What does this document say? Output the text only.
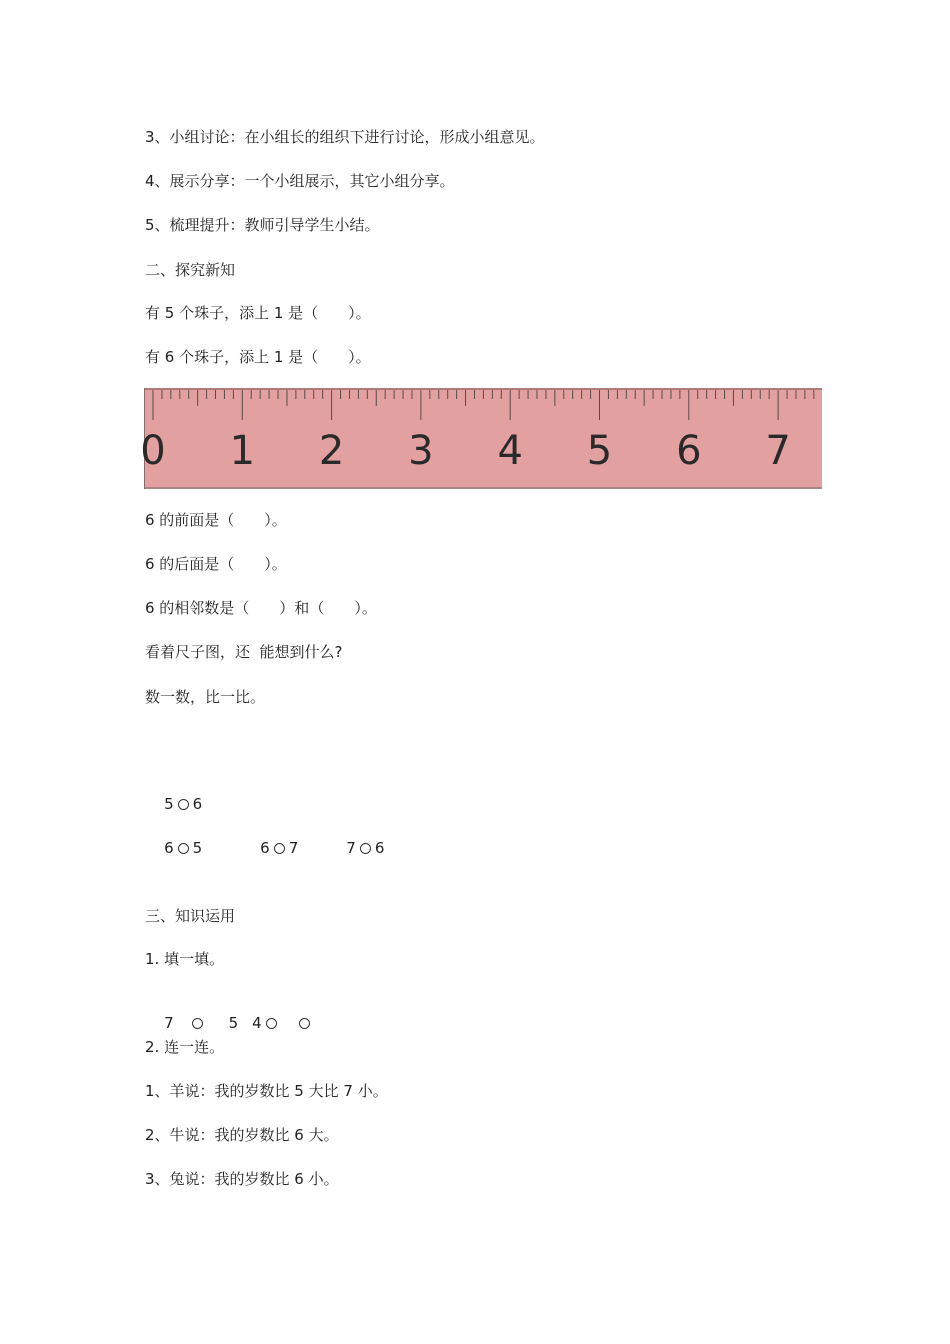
3、小组讨论：在小组长的组织下进行讨论，形成小组意见。
4、展示分享：一个小组展示，其它小组分享。
5、梳理提升：教师引导学生小结。
二、探究新知
有 5 个珠子，添上 1 是（　　）。
有 6 个珠子，添上 1 是（　　）。
0 1 2 3 4 5 6 7
6 的前面是（　　）。
6 的后面是（　　）。
6 的相邻数是（　　）和（　　）。
看着尺子图，还  能想到什么?
数一数，比一比。

5 6

6 5	6 7	7 6

三、知识运用
1. 填一填。

7	5 4

2. 连一连。
1、羊说：我的岁数比 5 大比 7 小。
2、牛说：我的岁数比 6 大。
3、兔说：我的岁数比 6 小。
